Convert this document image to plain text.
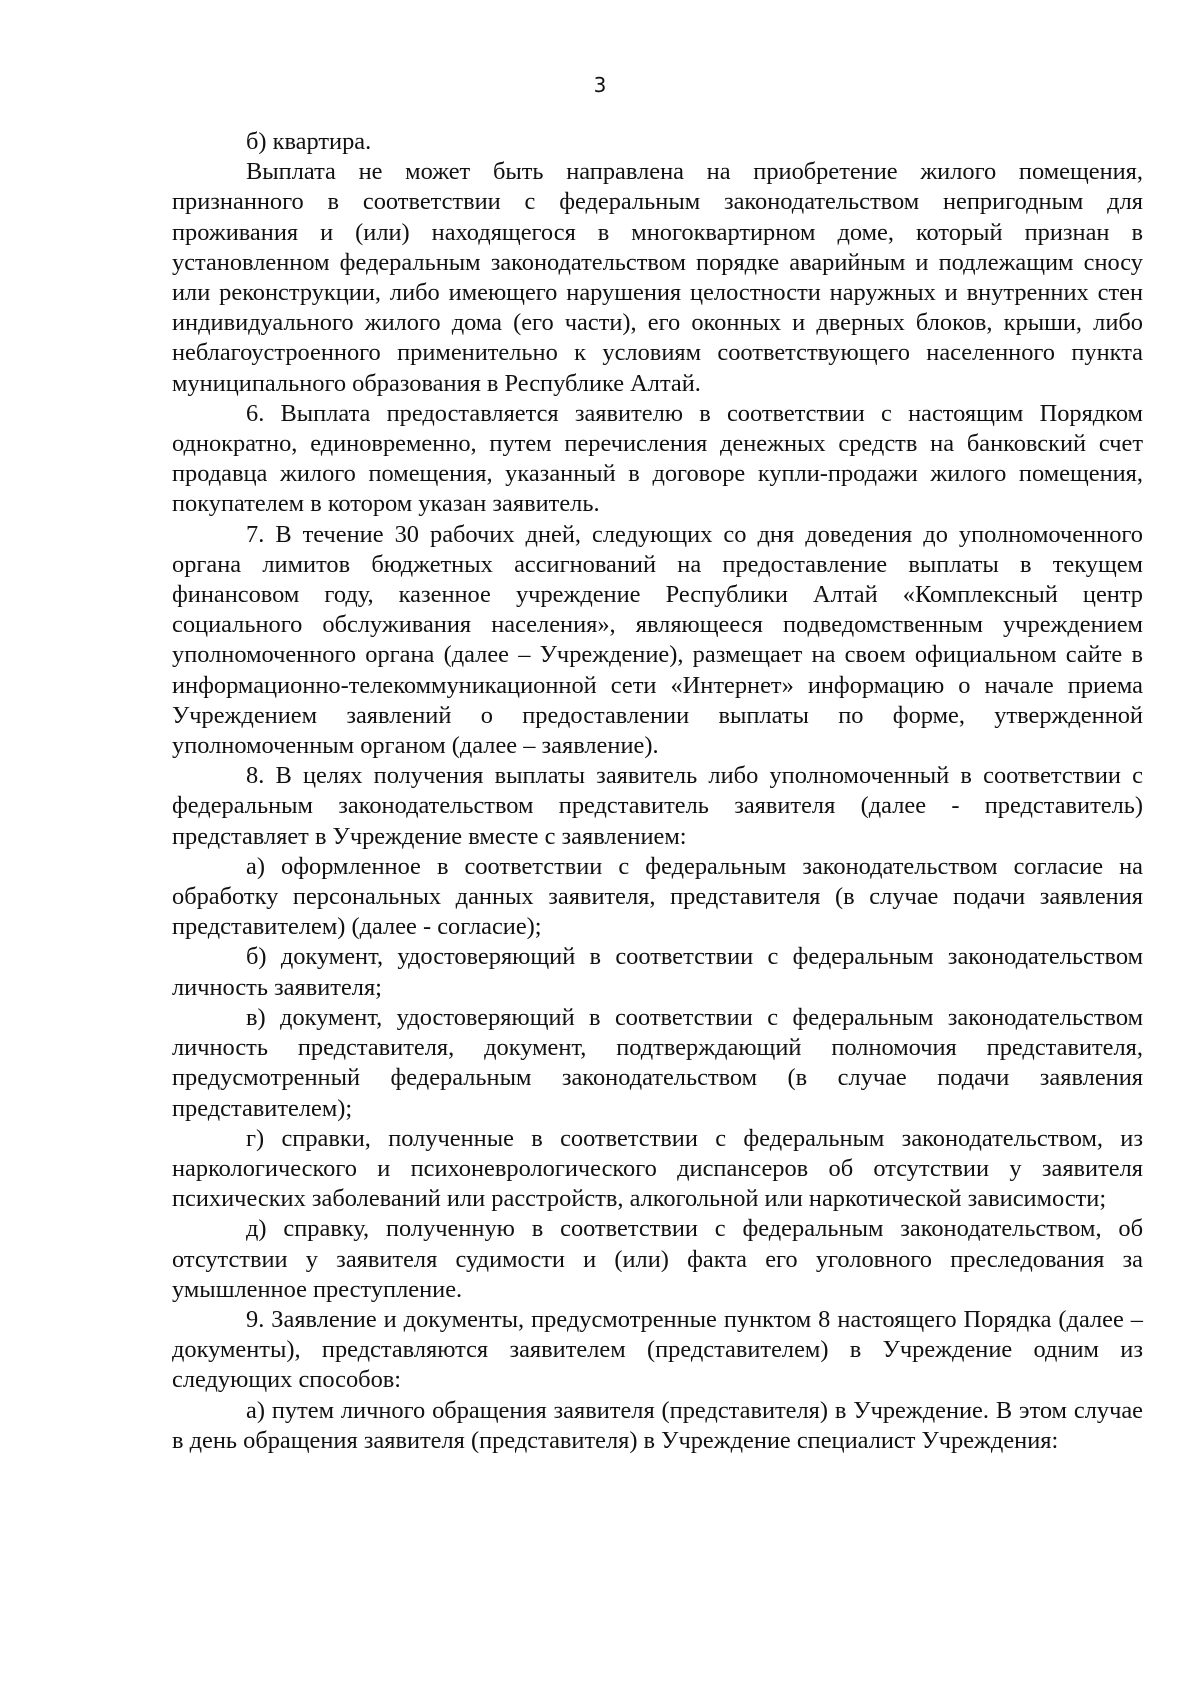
3

б) квартира.

Выплата не может быть направлена на приобретение жилого помещения, признанного в соответствии с федеральным законодательством непригодным для проживания и (или) находящегося в многоквартирном доме, который признан в установленном федеральным законодательством порядке аварийным и подлежащим сносу или реконструкции, либо имеющего нарушения целостности наружных и внутренних стен индивидуального жилого дома (его части), его оконных и дверных блоков, крыши, либо неблагоустроенного применительно к условиям соответствующего населенного пункта муниципального образования в Республике Алтай.

6. Выплата предоставляется заявителю в соответствии с настоящим Порядком однократно, единовременно, путем перечисления денежных средств на банковский счет продавца жилого помещения, указанный в договоре купли-продажи жилого помещения, покупателем в котором указан заявитель.

7. В течение 30 рабочих дней, следующих со дня доведения до уполномоченного органа лимитов бюджетных ассигнований на предоставление выплаты в текущем финансовом году, казенное учреждение Республики Алтай «Комплексный центр социального обслуживания населения», являющееся подведомственным учреждением уполномоченного органа (далее – Учреждение), размещает на своем официальном сайте в информационно-телекоммуникационной сети «Интернет» информацию о начале приема Учреждением заявлений о предоставлении выплаты по форме, утвержденной уполномоченным органом (далее – заявление).

8. В целях получения выплаты заявитель либо уполномоченный в соответствии с федеральным законодательством представитель заявителя (далее - представитель) представляет в Учреждение вместе с заявлением:

а) оформленное в соответствии с федеральным законодательством согласие на обработку персональных данных заявителя, представителя (в случае подачи заявления представителем) (далее - согласие);

б) документ, удостоверяющий в соответствии с федеральным законодательством личность заявителя;

в) документ, удостоверяющий в соответствии с федеральным законодательством личность представителя, документ, подтверждающий полномочия представителя, предусмотренный федеральным законодательством (в случае подачи заявления представителем);

г) справки, полученные в соответствии с федеральным законодательством, из наркологического и психоневрологического диспансеров об отсутствии у заявителя психических заболеваний или расстройств, алкогольной или наркотической зависимости;

д) справку, полученную в соответствии с федеральным законодательством, об отсутствии у заявителя судимости и (или) факта его уголовного преследования за умышленное преступление.

9. Заявление и документы, предусмотренные пунктом 8 настоящего Порядка (далее –документы), представляются заявителем (представителем) в Учреждение одним из следующих способов:

а) путем личного обращения заявителя (представителя) в Учреждение. В этом случае в день обращения заявителя (представителя) в Учреждение специалист Учреждения:
